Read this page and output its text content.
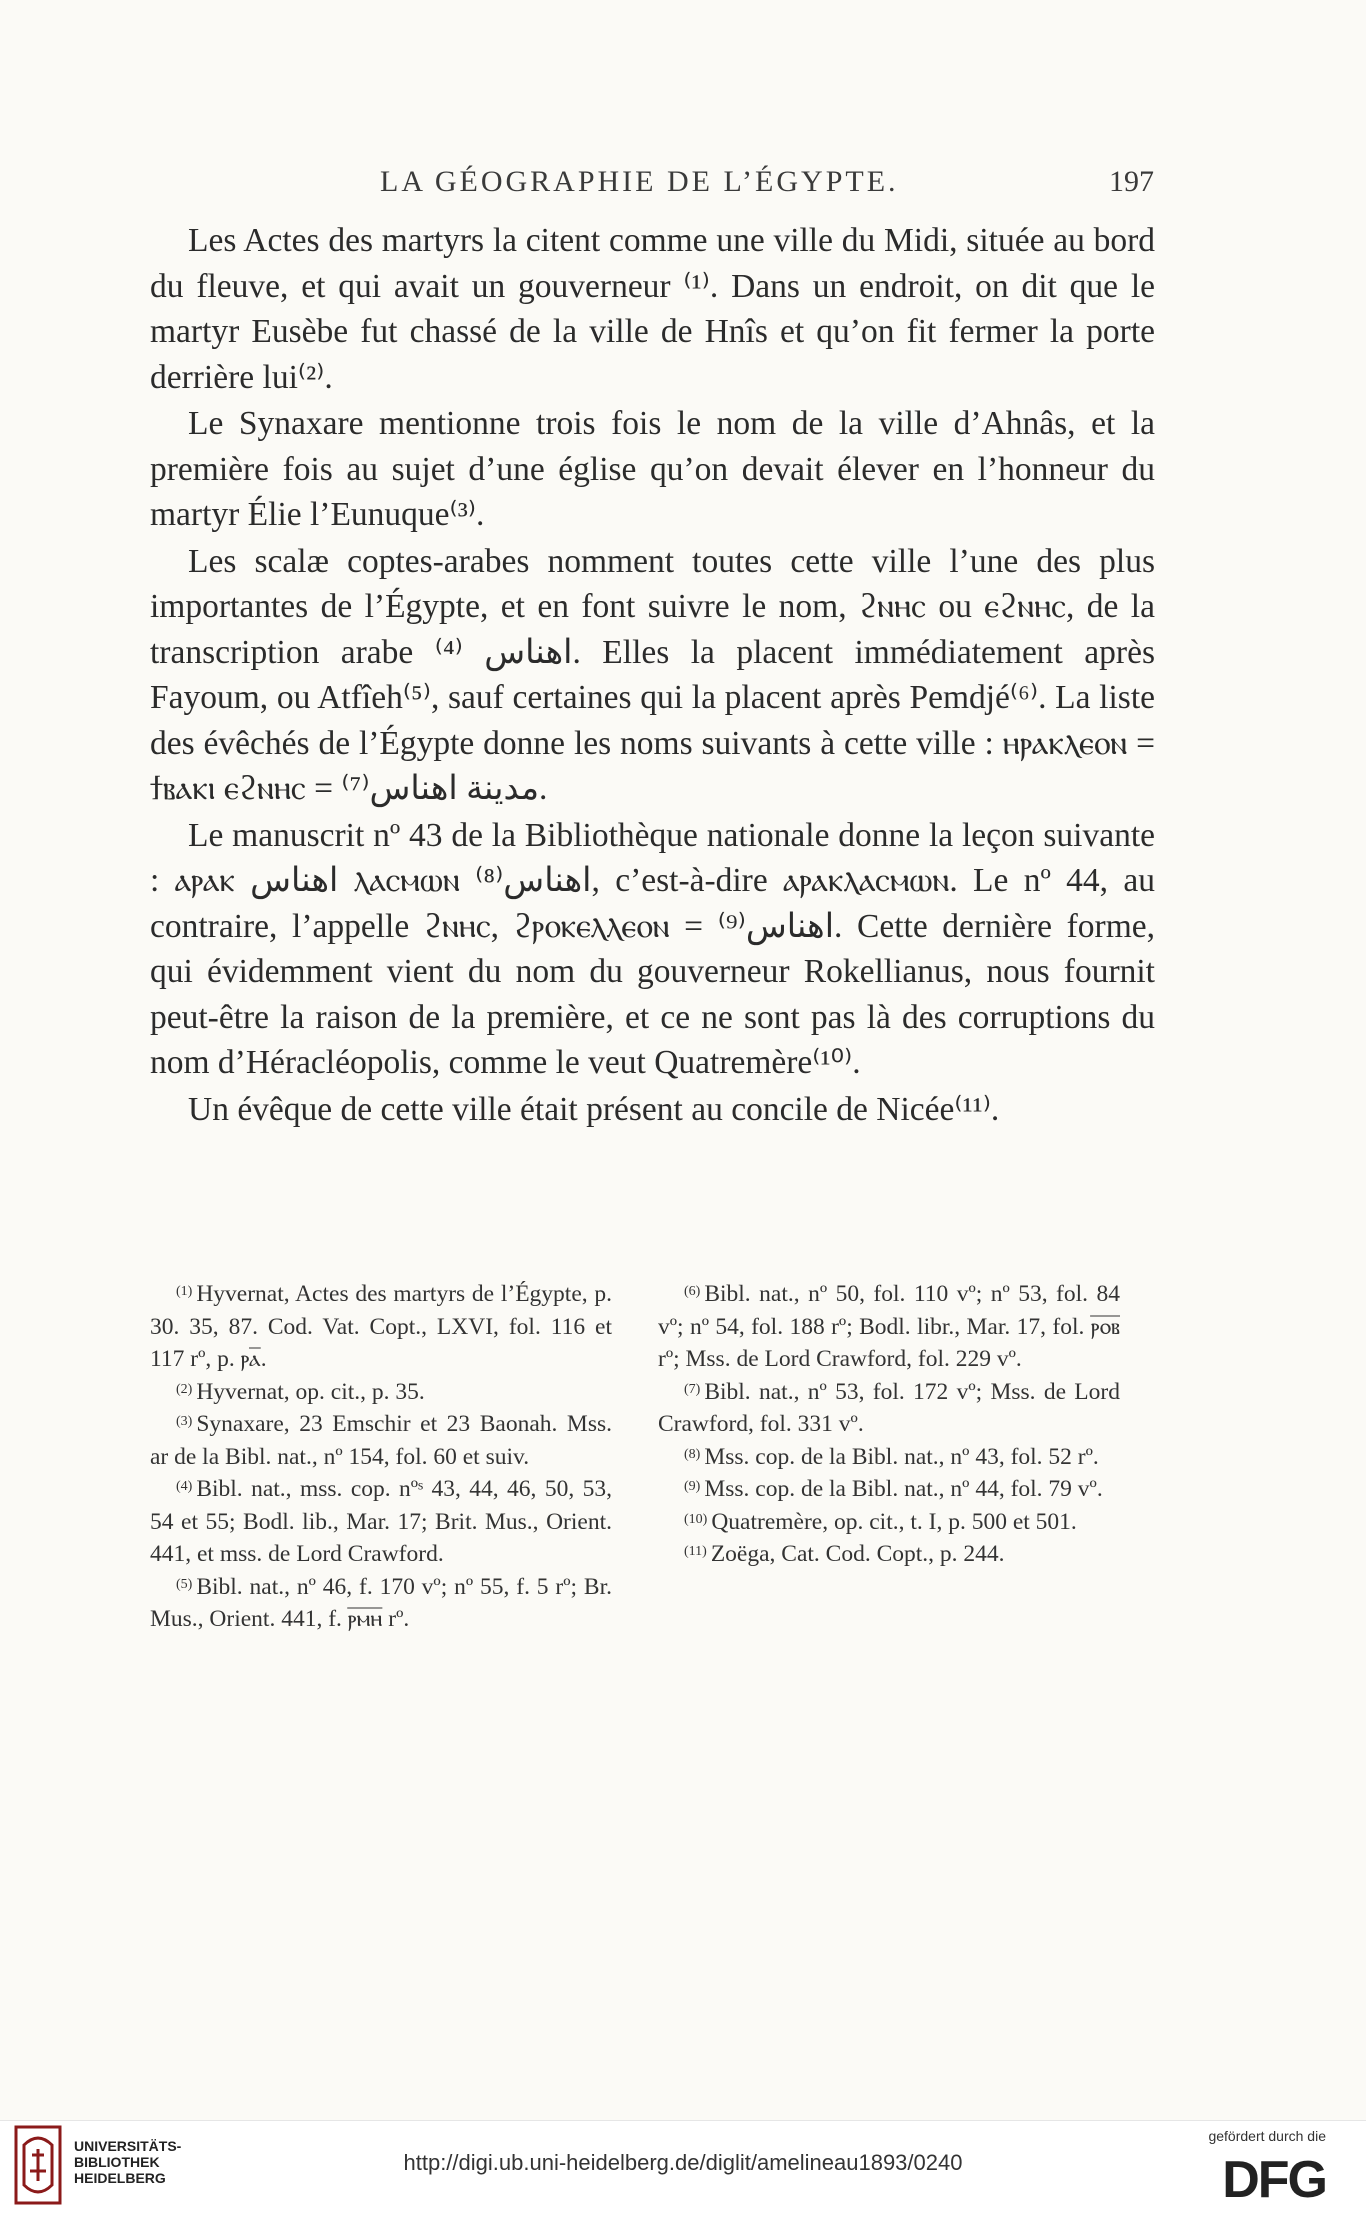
LA GÉOGRAPHIE DE L’ÉGYPTE.	197

Les Actes des martyrs la citent comme une ville du Midi, située au bord du fleuve, et qui avait un gouverneur ⁽¹⁾. Dans un endroit, on dit que le martyr Eusèbe fut chassé de la ville de Hnîs et qu’on fit fermer la porte derrière lui⁽²⁾.

Le Synaxare mentionne trois fois le nom de la ville d’Ahnâs, et la première fois au sujet d’une église qu’on devait élever en l’honneur du martyr Élie l’Eunuque⁽³⁾.

Les scalæ coptes-arabes nomment toutes cette ville l’une des plus importantes de l’Égypte, et en font suivre le nom, ϩⲛⲏⲥ ou ⲉϩⲛⲏⲥ, de la transcription arabe اهناس ⁽⁴⁾. Elles la placent immédiatement après Fayoum, ou Atfîeh⁽⁵⁾, sauf certaines qui la placent après Pemdjé⁽⁶⁾. La liste des évêchés de l’Égypte donne les noms suivants à cette ville : ⲏⲣⲁⲕⲗⲉⲟⲛ = ϯⲃⲁⲕⲓ ⲉϩⲛⲏⲥ = مدينة اهناس⁽⁷⁾.

Le manuscrit nº 43 de la Bibliothèque nationale donne la leçon suivante : ⲁⲣⲁⲕ اهناس ⲗⲁⲥⲙⲱⲛ اهناس⁽⁸⁾, c’est-à-dire ⲁⲣⲁⲕⲗⲁⲥⲙⲱⲛ. Le nº 44, au contraire, l’appelle ϩⲛⲏⲥ, ϩⲣⲟⲕⲉⲗⲗⲉⲟⲛ = اهناس⁽⁹⁾. Cette dernière forme, qui évidemment vient du nom du gouverneur Rokellianus, nous fournit peut-être la raison de la première, et ce ne sont pas là des corruptions du nom d’Héracléopolis, comme le veut Quatremère⁽¹⁰⁾.

Un évêque de cette ville était présent au concile de Nicée⁽¹¹⁾.

$^{(1)}$ Hyvernat, Actes des martyrs de l’Égypte, p. 30. 35, 87. Cod. Vat. Copt., LXVI, fol. 116 et 117 rº, p. ⲣⲁ̅.

$^{(2)}$ Hyvernat, op. cit., p. 35.

$^{(3)}$ Synaxare, 23 Emschir et 23 Baonah. Mss. ar de la Bibl. nat., nº 154, fol. 60 et suiv.

$^{(4)}$ Bibl. nat., mss. cop. nºˢ 43, 44, 46, 50, 53, 54 et 55; Bodl. lib., Mar. 17; Brit. Mus., Orient. 441, et mss. de Lord Crawford.

$^{(5)}$ Bibl. nat., nº 46, f. 170 vº; nº 55, f. 5 rº; Br. Mus., Orient. 441, f. ⲣ̅ⲙ̅ⲏ̅ rº.

$^{(6)}$ Bibl. nat., nº 50, fol. 110 vº; nº 53, fol. 84 vº; nº 54, fol. 188 rº; Bodl. libr., Mar. 17, fol. ⲣ̅ⲟ̅ⲃ̅ rº; Mss. de Lord Crawford, fol. 229 vº.

$^{(7)}$ Bibl. nat., nº 53, fol. 172 vº; Mss. de Lord Crawford, fol. 331 vº.

$^{(8)}$ Mss. cop. de la Bibl. nat., nº 43, fol. 52 rº.

$^{(9)}$ Mss. cop. de la Bibl. nat., nº 44, fol. 79 vº.

$^{(10)}$ Quatremère, op. cit., t. I, p. 500 et 501.

$^{(11)}$ Zoëga, Cat. Cod. Copt., p. 244.

UNIVERSITÄTS-
BIBLIOTHEK
HEIDELBERG
http://digi.ub.uni-heidelberg.de/diglit/amelineau1893/0240
gefördert durch die
DFG
